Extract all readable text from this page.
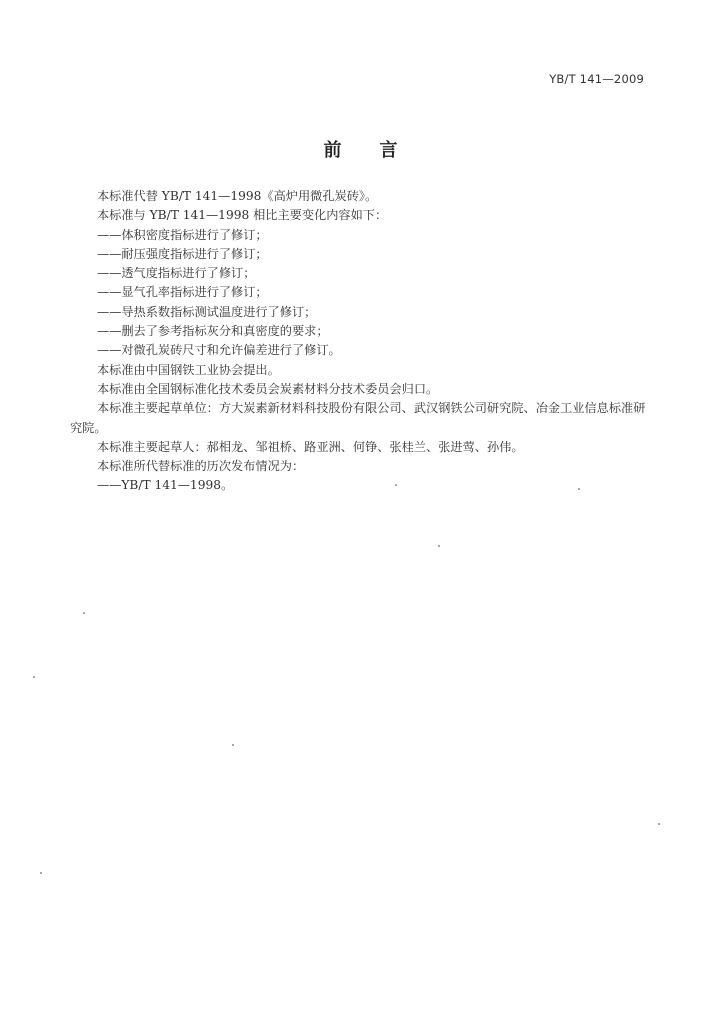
YB/T 141—2009
前言

本标准代替 YB/T 141—1998《高炉用微孔炭砖》。

本标准与 YB/T 141—1998 相比主要变化内容如下：

——体积密度指标进行了修订；

——耐压强度指标进行了修订；

——透气度指标进行了修订；

——显气孔率指标进行了修订；

——导热系数指标测试温度进行了修订；

——删去了参考指标灰分和真密度的要求；

——对微孔炭砖尺寸和允许偏差进行了修订。

本标准由中国钢铁工业协会提出。

本标准由全国钢标准化技术委员会炭素材料分技术委员会归口。

本标准主要起草单位：方大炭素新材料科技股份有限公司、武汉钢铁公司研究院、冶金工业信息标准研究院。

本标准主要起草人：郝相龙、邹祖桥、路亚洲、何铮、张桂兰、张进莺、孙伟。

本标准所代替标准的历次发布情况为：

——YB/T 141—1998。
